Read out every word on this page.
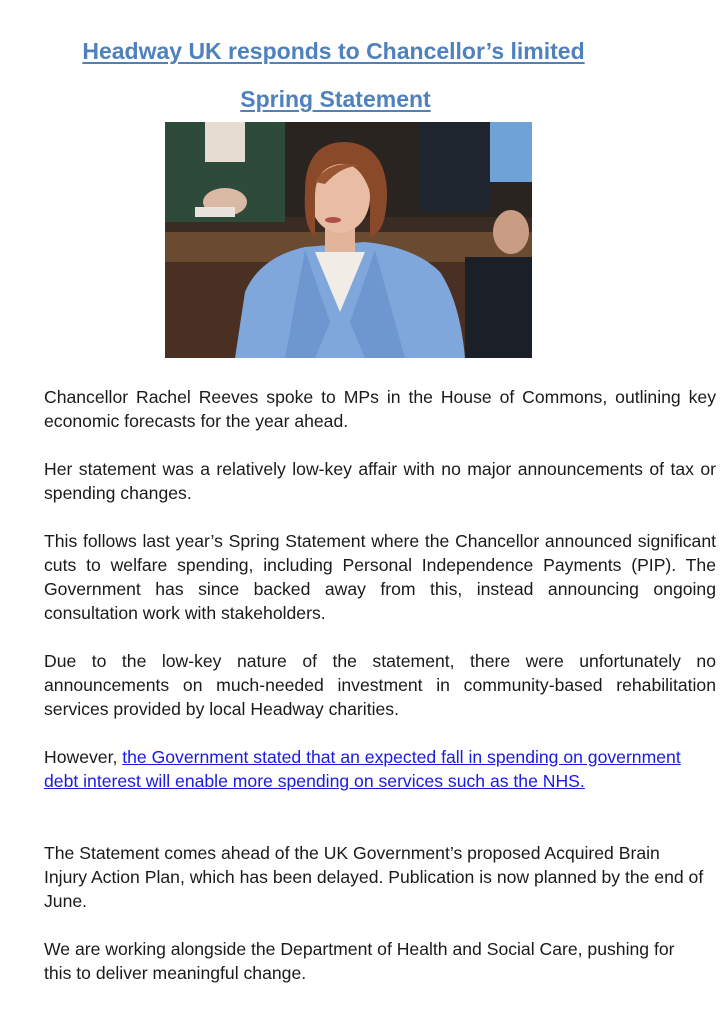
Headway UK responds to Chancellor’s limited
Spring Statement

Chancellor Rachel Reeves spoke to MPs in the House of Commons, outlining key economic forecasts for the year ahead.

Her statement was a relatively low-key affair with no major announcements of tax or spending changes.

This follows last year’s Spring Statement where the Chancellor announced significant cuts to welfare spending, including Personal Independence Payments (PIP). The Government has since backed away from this, instead announcing ongoing consultation work with stakeholders.

Due to the low-key nature of the statement, there were unfortunately no announcements on much-needed investment in community-based rehabilitation services provided by local Headway charities.

However, the Government stated that an expected fall in spending on government debt interest will enable more spending on services such as the NHS.

The Statement comes ahead of the UK Government’s proposed Acquired Brain Injury Action Plan, which has been delayed. Publication is now planned by the end of June.

We are working alongside the Department of Health and Social Care, pushing for this to deliver meaningful change.
